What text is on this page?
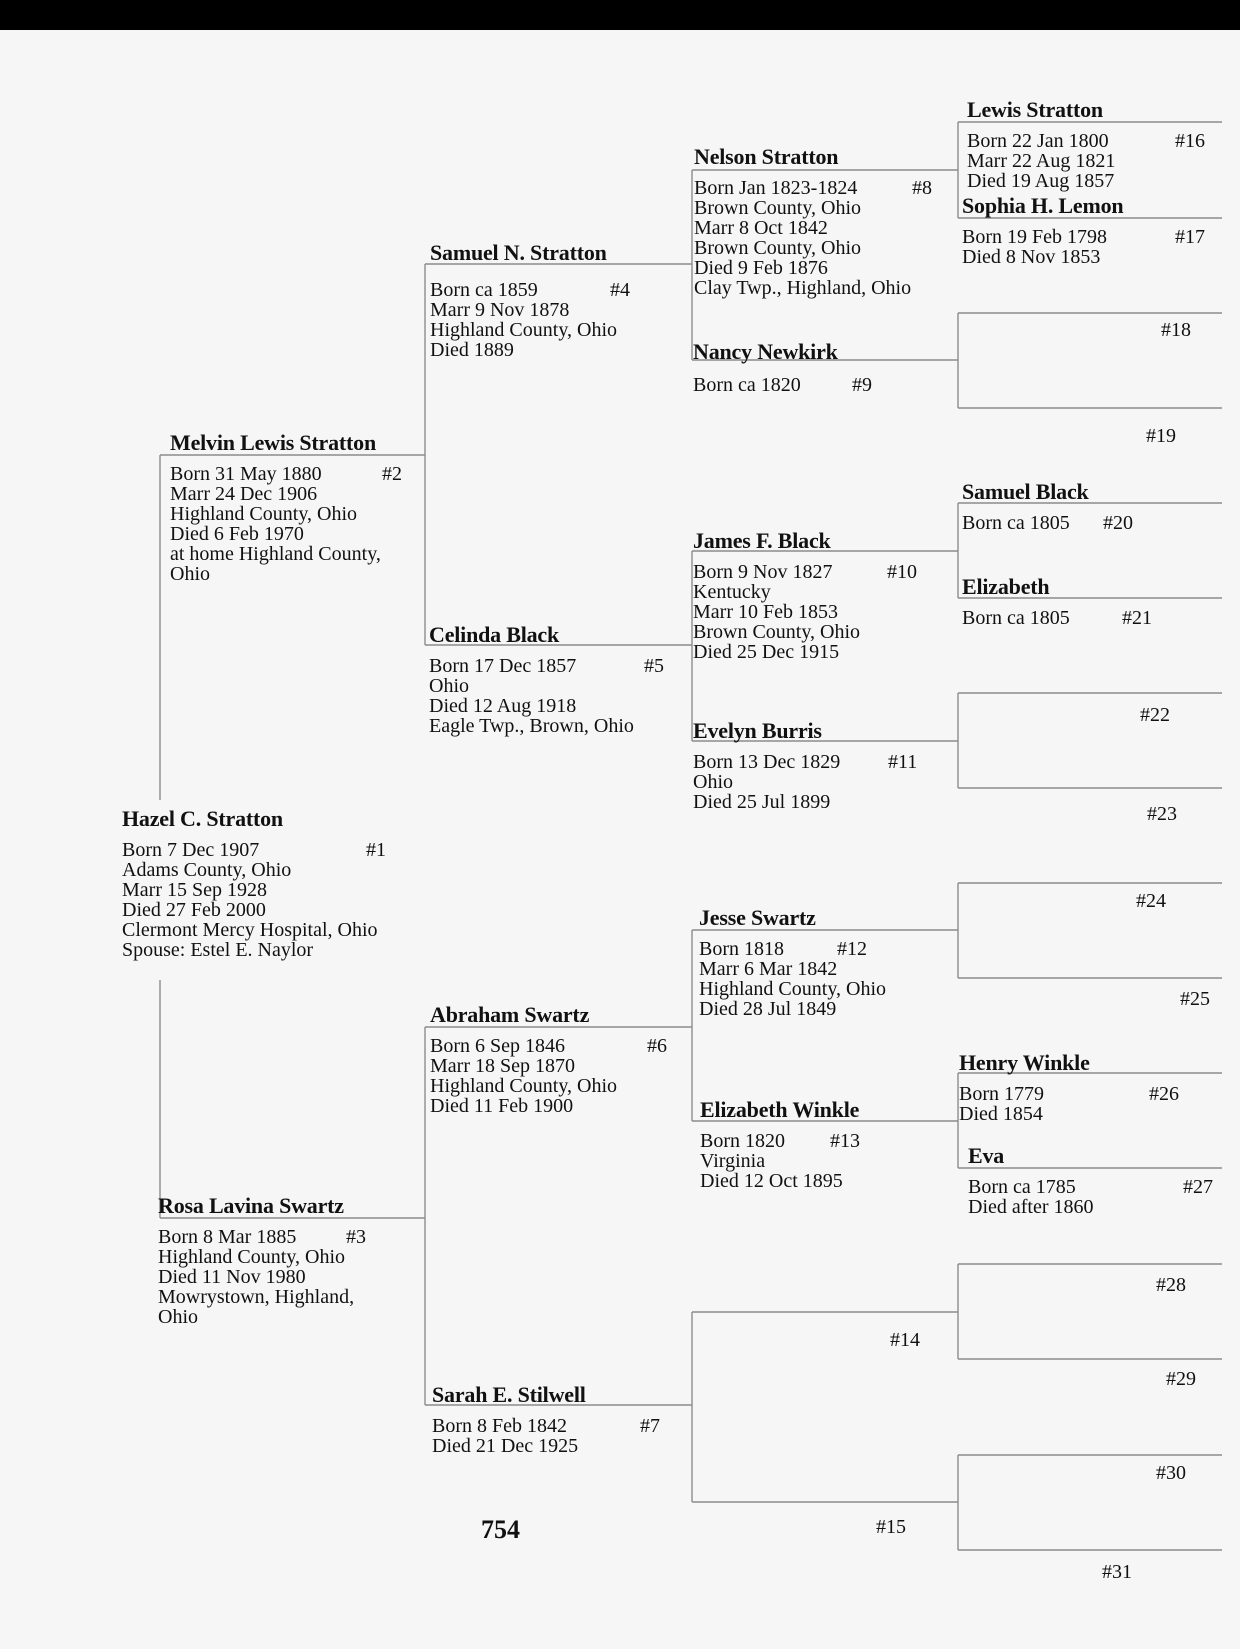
Hazel C. Stratton
Born 7 Dec 1907
Adams County, Ohio
Marr 15 Sep 1928
Died 27 Feb 2000
Clermont Mercy Hospital, Ohio
Spouse: Estel E. Naylor
#1
Melvin Lewis Stratton
Born 31 May 1880
Marr 24 Dec 1906
Highland County, Ohio
Died 6 Feb 1970
at home Highland County,
Ohio
#2
Rosa Lavina Swartz
Born 8 Mar 1885
Highland County, Ohio
Died 11 Nov 1980
Mowrystown, Highland,
Ohio
#3
Samuel N. Stratton
Born ca 1859
Marr 9 Nov 1878
Highland County, Ohio
Died 1889
#4
Celinda Black
Born 17 Dec 1857
Ohio
Died 12 Aug 1918
Eagle Twp., Brown, Ohio
#5
Abraham Swartz
Born 6 Sep 1846
Marr 18 Sep 1870
Highland County, Ohio
Died 11 Feb 1900
#6
Sarah E. Stilwell
Born 8 Feb 1842
Died 21 Dec 1925
#7
Nelson Stratton
Born Jan 1823-1824
Brown County, Ohio
Marr 8 Oct 1842
Brown County, Ohio
Died 9 Feb 1876
Clay Twp., Highland, Ohio
#8
Nancy Newkirk
Born ca 1820	#9
James F. Black
Born 9 Nov 1827
Kentucky
Marr 10 Feb 1853
Brown County, Ohio
Died 25 Dec 1915
#10
Evelyn Burris
Born 13 Dec 1829
Ohio
Died 25 Jul 1899
#11
Jesse Swartz
Born 1818
Marr 6 Mar 1842
Highland County, Ohio
Died 28 Jul 1849
#12
Elizabeth Winkle
Born 1820
Virginia
Died 12 Oct 1895
#13
#14
#15
Lewis Stratton
Born 22 Jan 1800
Marr 22 Aug 1821
Died 19 Aug 1857
#16
Sophia H. Lemon
Born 19 Feb 1798
Died 8 Nov 1853
#17
#18
#19
Samuel Black
Born ca 1805	#20
Elizabeth
Born ca 1805	#21
#22
#23
#24
#25
Henry Winkle
Born 1779
Died 1854
#26
Eva
Born ca 1785
Died after 1860
#27
#28
#29
#30
#31
754
